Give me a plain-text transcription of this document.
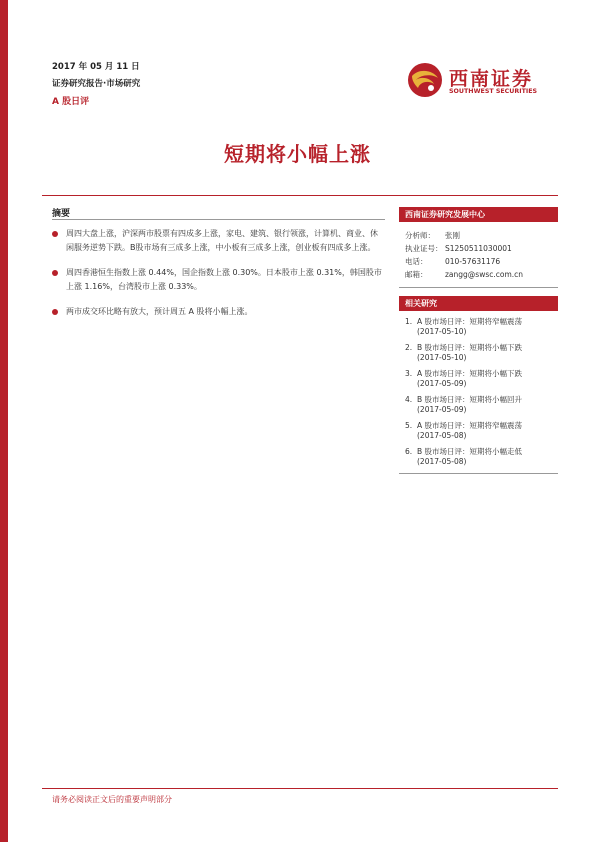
2017 年 05 月 11 日
证券研究报告·市场研究
A 股日评
西南证券
SOUTHWEST SECURITIES
短期将小幅上涨
摘要
周四大盘上涨，沪深两市股票有四成多上涨，家电、建筑、银行领涨，计算机、商业、休闲服务逆势下跌。B股市场有三成多上涨，中小板有三成多上涨，创业板有四成多上涨。
周四香港恒生指数上涨 0.44%，国企指数上涨 0.30%。日本股市上涨 0.31%，韩国股市上涨 1.16%，台湾股市上涨 0.33%。
两市成交环比略有放大，预计周五 A 股将小幅上涨。
西南证券研究发展中心
分析师： 张刚
执业证号： S1250511030001
电话： 010-57631176
邮箱： zangg@swsc.com.cn
相关研究
1. A 股市场日评：短期将窄幅震荡
(2017-05-10)
2. B 股市场日评：短期将小幅下跌
(2017-05-10)
3. A 股市场日评：短期将小幅下跌
(2017-05-09)
4. B 股市场日评：短期将小幅回升
(2017-05-09)
5. A 股市场日评：短期将窄幅震荡
(2017-05-08)
6. B 股市场日评：短期将小幅走低
(2017-05-08)
请务必阅读正文后的重要声明部分
